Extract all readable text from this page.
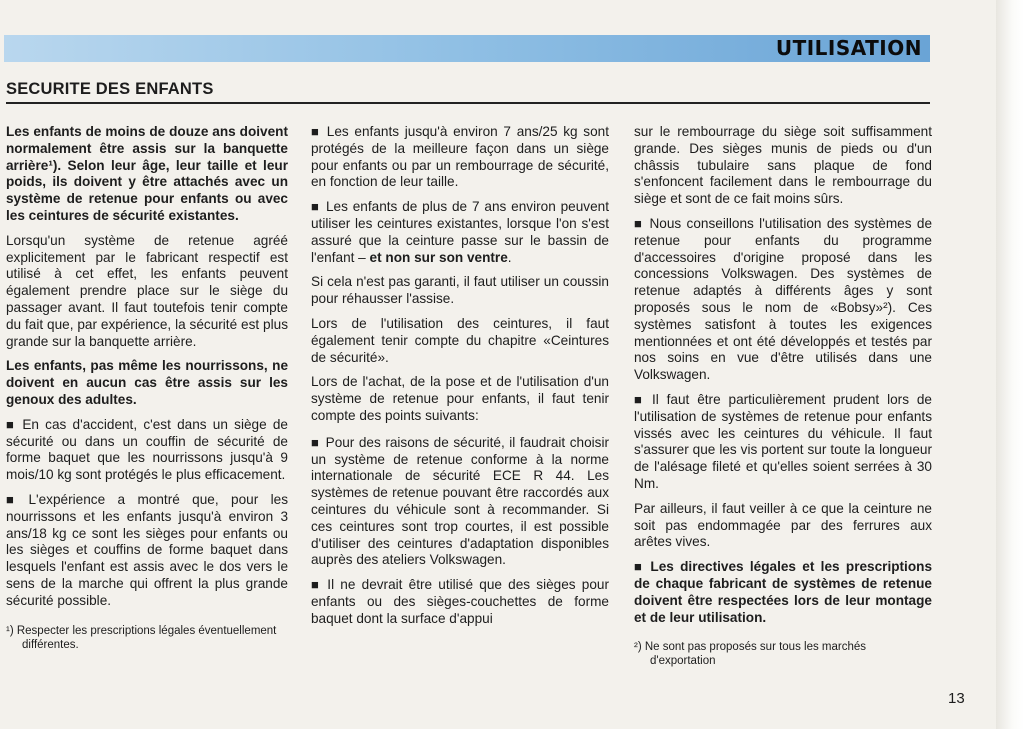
UTILISATION
SECURITE DES ENFANTS

Les enfants de moins de douze ans doivent normalement être assis sur la banquette arrière¹). Selon leur âge, leur taille et leur poids, ils doivent y être attachés avec un système de retenue pour enfants ou avec les ceintures de sécurité existantes.

Lorsqu'un système de retenue agréé explicitement par le fabricant respectif est utilisé à cet effet, les enfants peuvent également prendre place sur le siège du passager avant. Il faut toutefois tenir compte du fait que, par expérience, la sécurité est plus grande sur la banquette arrière.

Les enfants, pas même les nourrissons, ne doivent en aucun cas être assis sur les genoux des adultes.

■ En cas d'accident, c'est dans un siège de sécurité ou dans un couffin de sécurité de forme baquet que les nourrissons jusqu'à 9 mois/10 kg sont protégés le plus efficacement.

■ L'expérience a montré que, pour les nourrissons et les enfants jusqu'à environ 3 ans/18 kg ce sont les sièges pour enfants ou les sièges et couffins de forme baquet dans lesquels l'enfant est assis avec le dos vers le sens de la marche qui offrent la plus grande sécurité possible.

¹) Respecter les prescriptions légales éventuellement différentes.

■ Les enfants jusqu'à environ 7 ans/25 kg sont protégés de la meilleure façon dans un siège pour enfants ou par un rembourrage de sécurité, en fonction de leur taille.

■ Les enfants de plus de 7 ans environ peuvent utiliser les ceintures existantes, lorsque l'on s'est assuré que la ceinture passe sur le bassin de l'enfant – et non sur son ventre.

Si cela n'est pas garanti, il faut utiliser un coussin pour réhausser l'assise.

Lors de l'utilisation des ceintures, il faut également tenir compte du chapitre «Ceintures de sécurité».

Lors de l'achat, de la pose et de l'utilisation d'un système de retenue pour enfants, il faut tenir compte des points suivants:

■ Pour des raisons de sécurité, il faudrait choisir un système de retenue conforme à la norme internationale de sécurité ECE R 44. Les systèmes de retenue pouvant être raccordés aux ceintures du véhicule sont à recommander. Si ces ceintures sont trop courtes, il est possible d'utiliser des ceintures d'adaptation disponibles auprès des ateliers Volkswagen.

■ Il ne devrait être utilisé que des sièges pour enfants ou des sièges-couchettes de forme baquet dont la surface d'appui

sur le rembourrage du siège soit suffisamment grande. Des sièges munis de pieds ou d'un châssis tubulaire sans plaque de fond s'enfoncent facilement dans le rembourrage du siège et sont de ce fait moins sûrs.

■ Nous conseillons l'utilisation des systèmes de retenue pour enfants du programme d'accessoires d'origine proposé dans les concessions Volkswagen. Des systèmes de retenue adaptés à différents âges y sont proposés sous le nom de «Bobsy»²). Ces systèmes satisfont à toutes les exigences mentionnées et ont été développés et testés par nos soins en vue d'être utilisés dans une Volkswagen.

■ Il faut être particulièrement prudent lors de l'utilisation de systèmes de retenue pour enfants vissés avec les ceintures du véhicule. Il faut s'assurer que les vis portent sur toute la longueur de l'alésage fileté et qu'elles soient serrées à 30 Nm.

Par ailleurs, il faut veiller à ce que la ceinture ne soit pas endommagée par des ferrures aux arêtes vives.

■ Les directives légales et les prescriptions de chaque fabricant de systèmes de retenue doivent être respectées lors de leur montage et de leur utilisation.

²) Ne sont pas proposés sur tous les marchés d'exportation

13
